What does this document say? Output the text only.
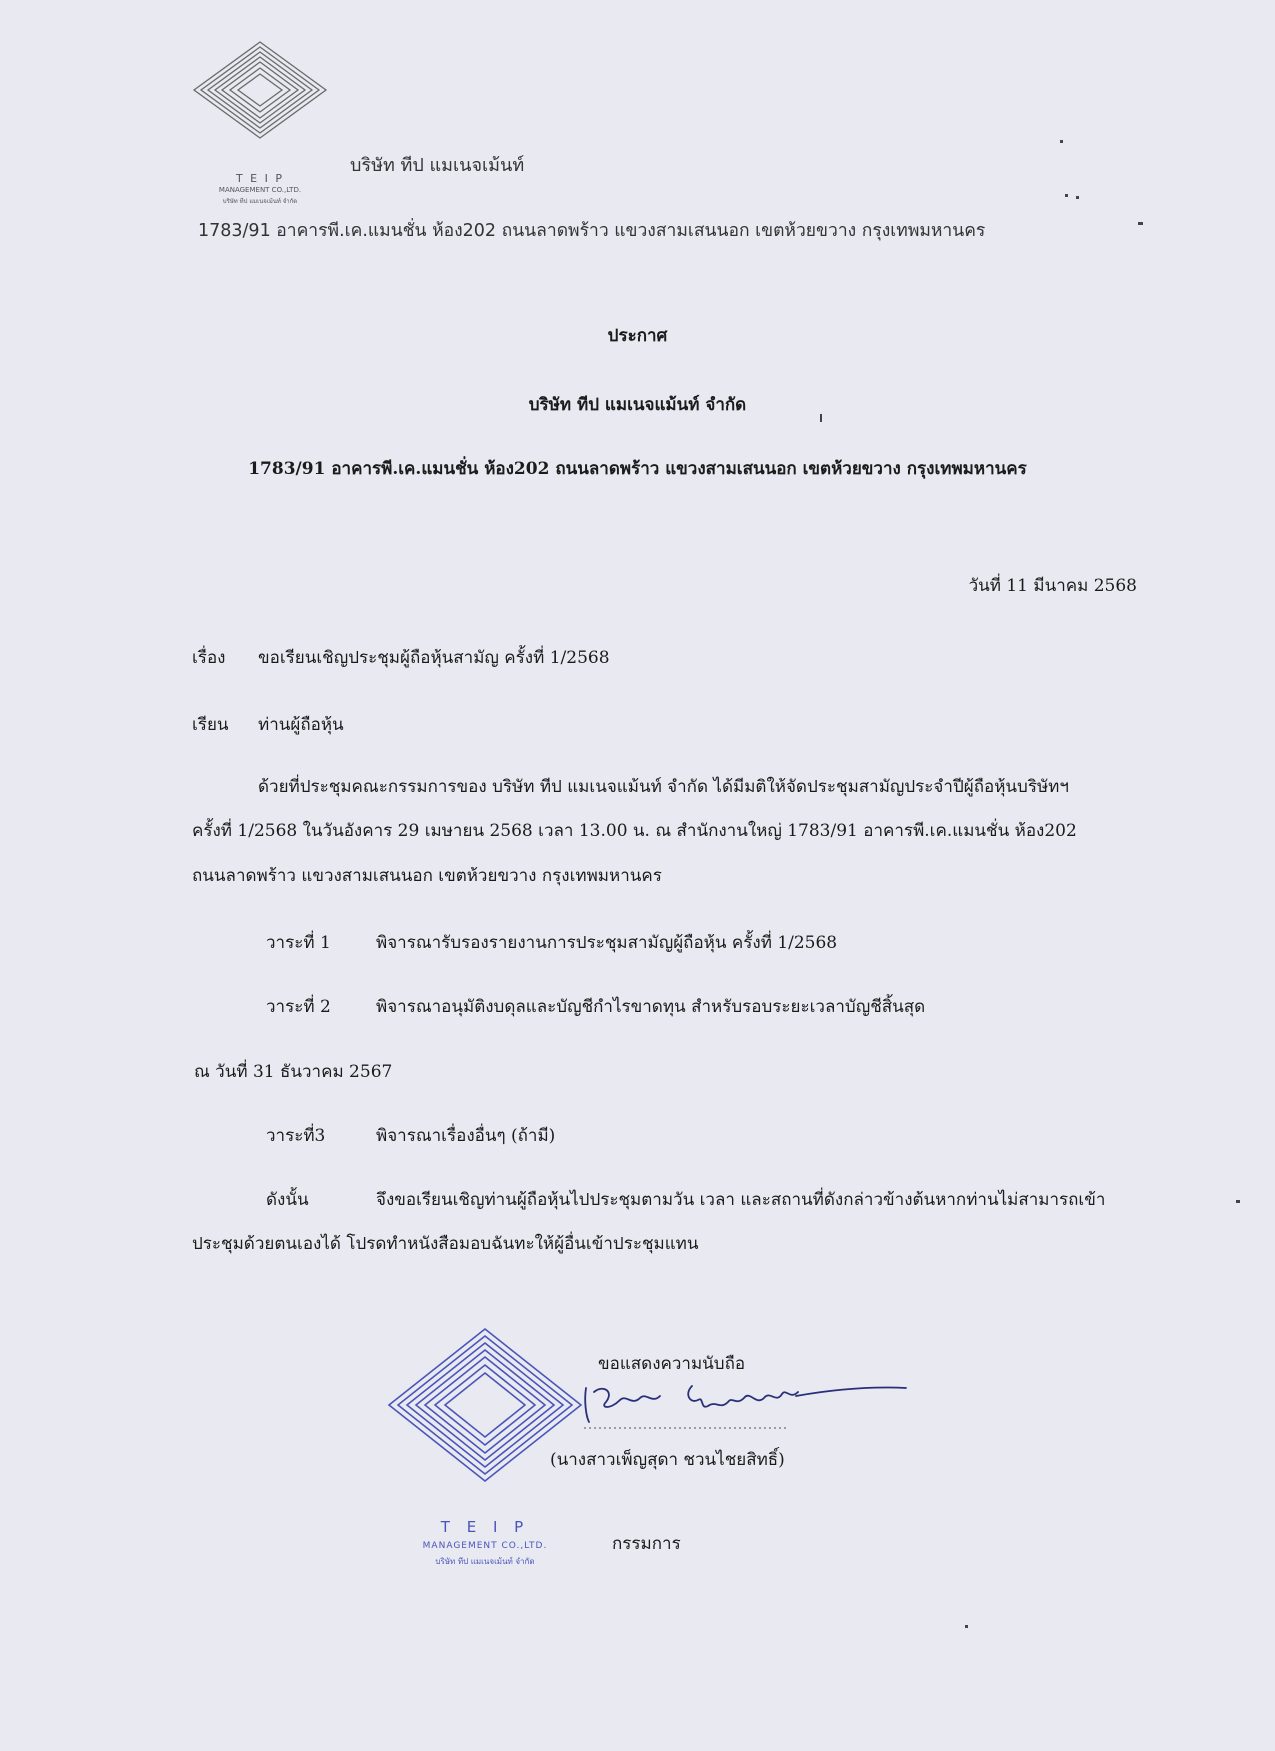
T E I P
MANAGEMENT CO.,LTD.
บริษัท ทีป แมเนจเม้นท์ จำกัด
บริษัท ทีป แมเนจเม้นท์
1783/91 อาคารพี.เค.แมนชั่น ห้อง202 ถนนลาดพร้าว แขวงสามเสนนอก เขตห้วยขวาง กรุงเทพมหานคร
ประกาศ
บริษัท ทีป แมเนจแม้นท์ จำกัด
1783/91 อาคารพี.เค.แมนชั่น ห้อง202 ถนนลาดพร้าว แขวงสามเสนนอก เขตห้วยขวาง กรุงเทพมหานคร
วันที่ 11 มีนาคม 2568
เรื่อง ขอเรียนเชิญประชุมผู้ถือหุ้นสามัญ ครั้งที่ 1/2568
เรียน ท่านผู้ถือหุ้น
ด้วยที่ประชุมคณะกรรมการของ บริษัท ทีป แมเนจแม้นท์ จำกัด ได้มีมติให้จัดประชุมสามัญประจำปีผู้ถือหุ้นบริษัทฯ
ครั้งที่ 1/2568 ในวันอังคาร 29 เมษายน 2568 เวลา 13.00 น. ณ สำนักงานใหญ่ 1783/91 อาคารพี.เค.แมนชั่น ห้อง202
ถนนลาดพร้าว แขวงสามเสนนอก เขตห้วยขวาง กรุงเทพมหานคร
วาระที่ 1	พิจารณารับรองรายงานการประชุมสามัญผู้ถือหุ้น ครั้งที่ 1/2568
วาระที่ 2	พิจารณาอนุมัติงบดุลและบัญชีกำไรขาดทุน สำหรับรอบระยะเวลาบัญชีสิ้นสุด
ณ วันที่ 31 ธันวาคม 2567
วาระที่3	พิจารณาเรื่องอื่นๆ (ถ้ามี)
ดังนั้น	จึงขอเรียนเชิญท่านผู้ถือหุ้นไปประชุมตามวัน เวลา และสถานที่ดังกล่าวข้างต้นหากท่านไม่สามารถเข้า
ประชุมด้วยตนเองได้ โปรดทำหนังสือมอบฉันทะให้ผู้อื่นเข้าประชุมแทน
T E I P
MANAGEMENT CO.,LTD.
บริษัท ทีป แมเนจเม้นท์ จำกัด
ขอแสดงความนับถือ
(นางสาวเพ็ญสุดา ชวนไชยสิทธิ์)
กรรมการ
